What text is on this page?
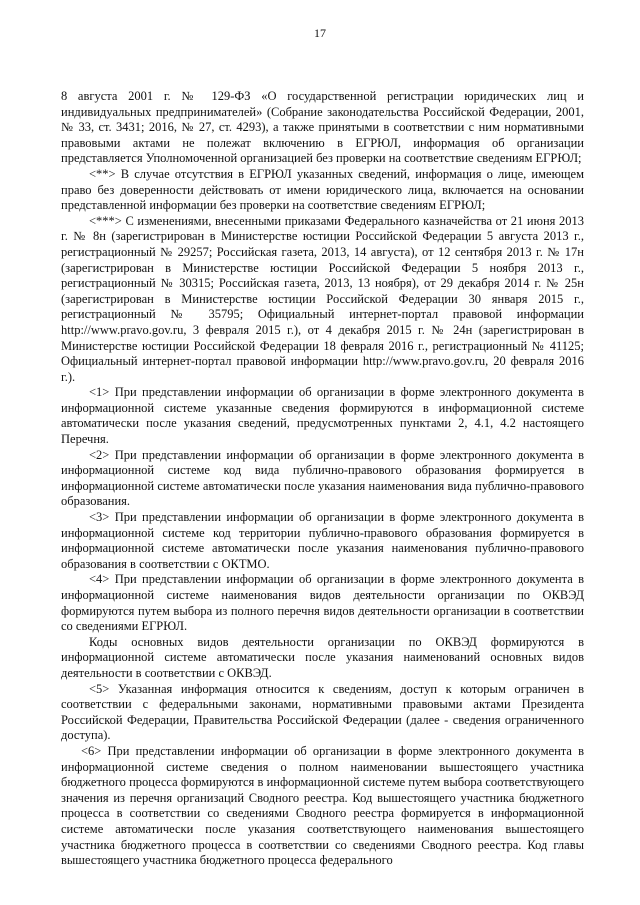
17

8 августа 2001 г. № 129-ФЗ «О государственной регистрации юридических лиц и индивидуальных предпринимателей» (Собрание законодательства Российской Федерации, 2001, № 33, ст. 3431; 2016, № 27, ст. 4293), а также принятыми в соответствии с ним нормативными правовыми актами не полежат включению в ЕГРЮЛ, информация об организации представляется Уполномоченной организацией без проверки на соответствие сведениям ЕГРЮЛ;

<**> В случае отсутствия в ЕГРЮЛ указанных сведений, информация о лице, имеющем право без доверенности действовать от имени юридического лица, включается на основании представленной информации без проверки на соответствие сведениям ЕГРЮЛ;

<***> С изменениями, внесенными приказами Федерального казначейства от 21 июня 2013 г. № 8н (зарегистрирован в Министерстве юстиции Российской Федерации 5 августа 2013 г., регистрационный № 29257; Российская газета, 2013, 14 августа), от 12 сентября 2013 г. № 17н (зарегистрирован в Министерстве юстиции Российской Федерации 5 ноября 2013 г., регистрационный № 30315; Российская газета, 2013, 13 ноября), от 29 декабря 2014 г. № 25н (зарегистрирован в Министерстве юстиции Российской Федерации 30 января 2015 г., регистрационный № 35795; Официальный интернет-портал правовой информации http://www.pravo.gov.ru, 3 февраля 2015 г.), от 4 декабря 2015 г. № 24н (зарегистрирован в Министерстве юстиции Российской Федерации 18 февраля 2016 г., регистрационный № 41125; Официальный интернет-портал правовой информации http://www.pravo.gov.ru, 20 февраля 2016 г.).

<1> При представлении информации об организации в форме электронного документа в информационной системе указанные сведения формируются в информационной системе автоматически после указания сведений, предусмотренных пунктами 2, 4.1, 4.2 настоящего Перечня.

<2> При представлении информации об организации в форме электронного документа в информационной системе код вида публично-правового образования формируется в информационной системе автоматически после указания наименования вида публично-правового образования.

<3> При представлении информации об организации в форме электронного документа в информационной системе код территории публично-правового образования формируется в информационной системе автоматически после указания наименования публично-правового образования в соответствии с ОКТМО.

<4> При представлении информации об организации в форме электронного документа в информационной системе наименования видов деятельности организации по ОКВЭД формируются путем выбора из полного перечня видов деятельности организации в соответствии со сведениями ЕГРЮЛ.

Коды основных видов деятельности организации по ОКВЭД формируются в информационной системе автоматически после указания наименований основных видов деятельности в соответствии с ОКВЭД.

<5> Указанная информация относится к сведениям, доступ к которым ограничен в соответствии с федеральными законами, нормативными правовыми актами Президента Российской Федерации, Правительства Российской Федерации (далее - сведения ограниченного доступа).

<6> При представлении информации об организации в форме электронного документа в информационной системе сведения о полном наименовании вышестоящего участника бюджетного процесса формируются в информационной системе путем выбора соответствующего значения из перечня организаций Сводного реестра. Код вышестоящего участника бюджетного процесса в соответствии со сведениями Сводного реестра формируется в информационной системе автоматически после указания соответствующего наименования вышестоящего участника бюджетного процесса в соответствии со сведениями Сводного реестра. Код главы вышестоящего участника бюджетного процесса федерального
